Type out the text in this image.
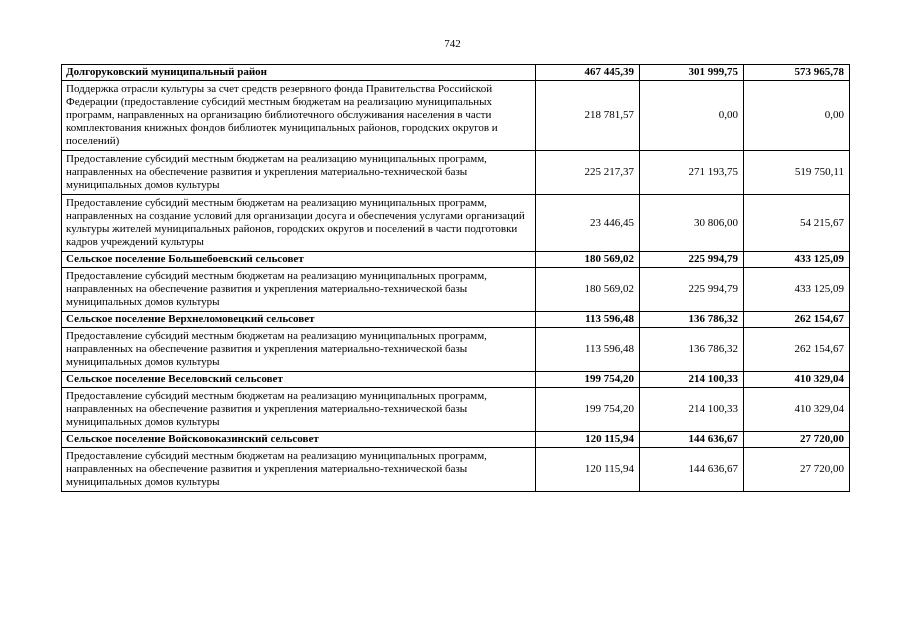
742
Долгоруковский муниципальный район	467 445,39	301 999,75	573 965,78
Поддержка отрасли культуры за счет средств резервного фонда Правительства Российской Федерации (предоставление субсидий местным бюджетам на реализацию муниципальных программ, направленных на организацию библиотечного обслуживания населения в части комплектования книжных фондов библиотек муниципальных районов, городских округов и поселений)	218 781,57	0,00	0,00
Предоставление субсидий местным бюджетам на реализацию муниципальных программ, направленных на обеспечение развития и укрепления материально-технической базы муниципальных домов культуры	225 217,37	271 193,75	519 750,11
Предоставление субсидий местным бюджетам на реализацию муниципальных программ, направленных на создание условий для организации досуга и обеспечения услугами организаций культуры жителей муниципальных районов, городских округов и поселений в части подготовки кадров учреждений культуры	23 446,45	30 806,00	54 215,67
Сельское поселение Большебоевский сельсовет	180 569,02	225 994,79	433 125,09
Предоставление субсидий местным бюджетам на реализацию муниципальных программ, направленных на обеспечение развития и укрепления материально-технической базы муниципальных домов культуры	180 569,02	225 994,79	433 125,09
Сельское поселение Верхнеломовецкий сельсовет	113 596,48	136 786,32	262 154,67
Предоставление субсидий местным бюджетам на реализацию муниципальных программ, направленных на обеспечение развития и укрепления материально-технической базы муниципальных домов культуры	113 596,48	136 786,32	262 154,67
Сельское поселение Веселовский сельсовет	199 754,20	214 100,33	410 329,04
Предоставление субсидий местным бюджетам на реализацию муниципальных программ, направленных на обеспечение развития и укрепления материально-технической базы муниципальных домов культуры	199 754,20	214 100,33	410 329,04
Сельское поселение Войсковоказинский сельсовет	120 115,94	144 636,67	27 720,00
Предоставление субсидий местным бюджетам на реализацию муниципальных программ, направленных на обеспечение развития и укрепления материально-технической базы муниципальных домов культуры	120 115,94	144 636,67	27 720,00
